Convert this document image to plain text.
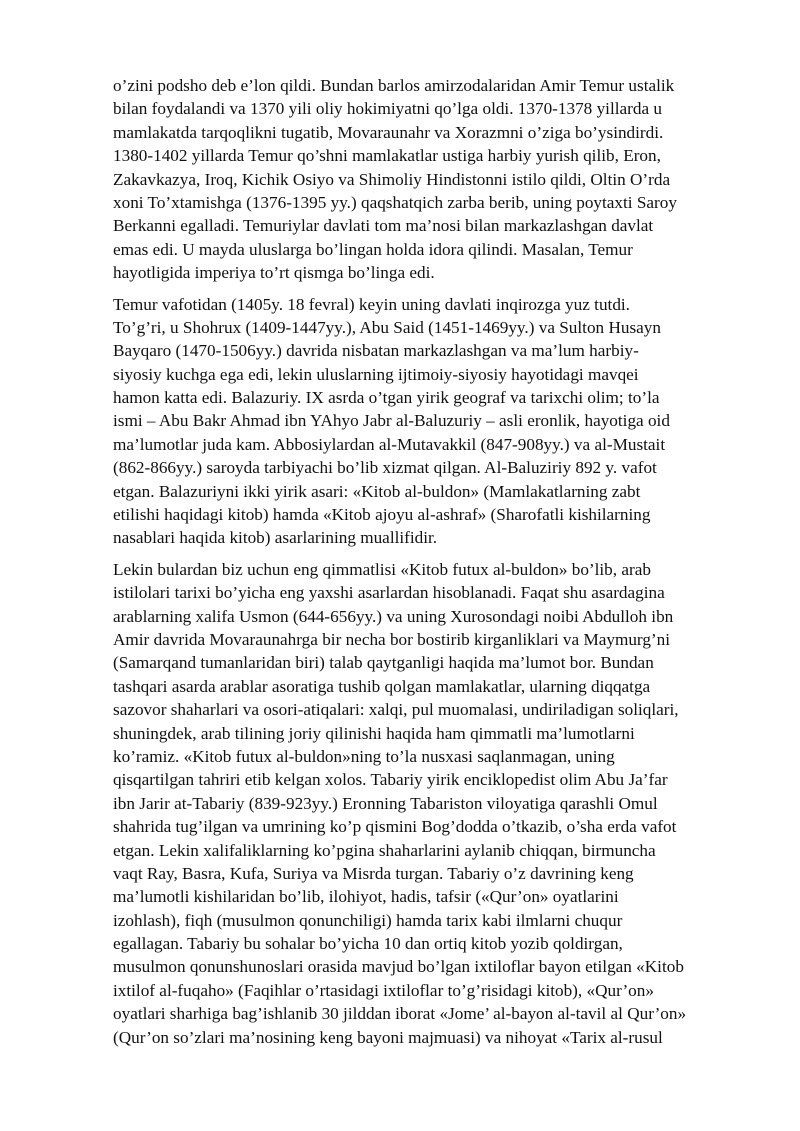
o’zini podsho deb e’lon qildi. Bundan barlos amirzodalaridan Amir Temur ustalik
bilan foydalandi va 1370 yili oliy hokimiyatni qo’lga oldi. 1370-1378 yillarda u
mamlakatda tarqoqlikni tugatib, Movaraunahr va Xorazmni o’ziga bo’ysindirdi.
1380-1402 yillarda Temur qo’shni mamlakatlar ustiga harbiy yurish qilib, Eron,
Zakavkazya, Iroq, Kichik Osiyo va Shimoliy Hindistonni istilo qildi, Oltin O’rda
xoni To’xtamishga (1376-1395 yy.) qaqshatqich zarba berib, uning poytaxti Saroy
Berkanni egalladi. Temuriylar davlati tom ma’nosi bilan markazlashgan davlat
emas edi. U mayda uluslarga bo’lingan holda idora qilindi. Masalan, Temur
hayotligida imperiya to’rt qismga bo’linga edi.

Temur vafotidan (1405y. 18 fevral) keyin uning davlati inqirozga yuz tutdi.
To’g’ri, u Shohrux (1409-1447yy.), Abu Said (1451-1469yy.) va Sulton Husayn
Bayqaro (1470-1506yy.) davrida nisbatan markazlashgan va ma’lum harbiy-
siyosiy kuchga ega edi, lekin uluslarning ijtimoiy-siyosiy hayotidagi mavqei
hamon katta edi. Balazuriy. IX asrda o’tgan yirik geograf va tarixchi olim; to’la
ismi – Abu Bakr Ahmad ibn YAhyo Jabr al-Baluzuriy – asli eronlik, hayotiga oid
ma’lumotlar juda kam. Abbosiylardan al-Mutavakkil (847-908yy.) va al-Mustait
(862-866yy.) saroyda tarbiyachi bo’lib xizmat qilgan. Al-Baluziriy 892 y. vafot
etgan. Balazuriyni ikki yirik asari: «Kitob al-buldon» (Mamlakatlarning zabt
etilishi haqidagi kitob) hamda «Kitob ajoyu al-ashraf» (Sharofatli kishilarning
nasablari haqida kitob) asarlarining muallifidir.

Lekin bulardan biz uchun eng qimmatlisi «Kitob futux al-buldon» bo’lib, arab
istilolari tarixi bo’yicha eng yaxshi asarlardan hisoblanadi. Faqat shu asardagina
arablarning xalifa Usmon (644-656yy.) va uning Xurosondagi noibi Abdulloh ibn
Amir davrida Movaraunahrga bir necha bor bostirib kirganliklari va Maymurg’ni
(Samarqand tumanlaridan biri) talab qaytganligi haqida ma’lumot bor. Bundan
tashqari asarda arablar asoratiga tushib qolgan mamlakatlar, ularning diqqatga
sazovor shaharlari va osori-atiqalari: xalqi, pul muomalasi, undiriladigan soliqlari,
shuningdek, arab tilining joriy qilinishi haqida ham qimmatli ma’lumotlarni
ko’ramiz. «Kitob futux al-buldon»ning to’la nusxasi saqlanmagan, uning
qisqartilgan tahriri etib kelgan xolos. Tabariy yirik enciklopedist olim Abu Ja’far
ibn Jarir at-Tabariy (839-923yy.) Eronning Tabariston viloyatiga qarashli Omul
shahrida tug’ilgan va umrining ko’p qismini Bog’dodda o’tkazib, o’sha erda vafot
etgan. Lekin xalifaliklarning ko’pgina shaharlarini aylanib chiqqan, birmuncha
vaqt Ray, Basra, Kufa, Suriya va Misrda turgan. Tabariy o’z davrining keng
ma’lumotli kishilaridan bo’lib, ilohiyot, hadis, tafsir («Qur’on» oyatlarini
izohlash), fiqh (musulmon qonunchiligi) hamda tarix kabi ilmlarni chuqur
egallagan. Tabariy bu sohalar bo’yicha 10 dan ortiq kitob yozib qoldirgan,
musulmon qonunshunoslari orasida mavjud bo’lgan ixtiloflar bayon etilgan «Kitob
ixtilof al-fuqaho» (Faqihlar o’rtasidagi ixtiloflar to’g’risidagi kitob), «Qur’on»
oyatlari sharhiga bag’ishlanib 30 jilddan iborat «Jome’ al-bayon al-tavil al Qur’on»
(Qur’on so’zlari ma’nosining keng bayoni majmuasi) va nihoyat «Tarix al-rusul
